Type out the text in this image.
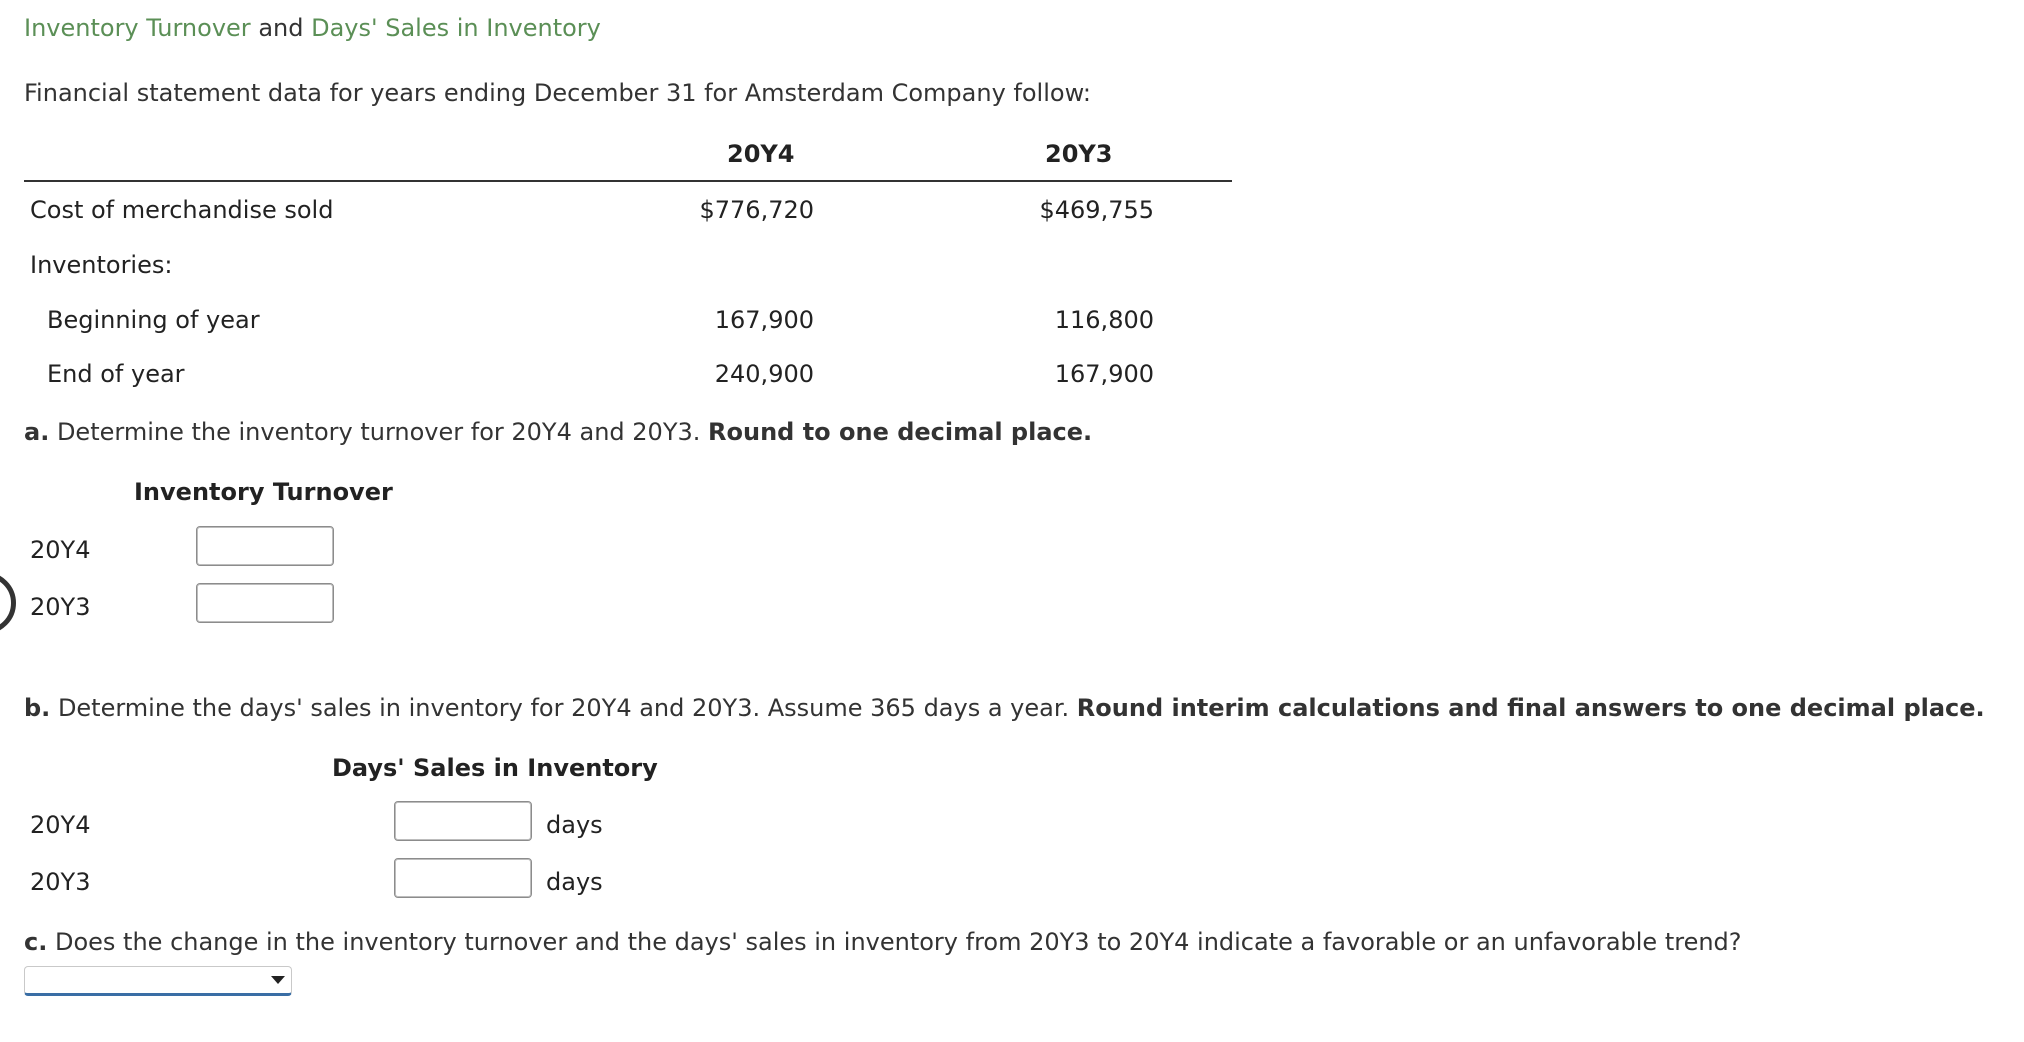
Inventory Turnover and Days' Sales in Inventory
Financial statement data for years ending December 31 for Amsterdam Company follow:
20Y4	20Y3
Cost of merchandise sold	$776,720	$469,755
Inventories:
Beginning of year	167,900	116,800
End of year	240,900	167,900
a. Determine the inventory turnover for 20Y4 and 20Y3. Round to one decimal place.
Inventory Turnover
20Y4
20Y3
b. Determine the days' sales in inventory for 20Y4 and 20Y3. Assume 365 days a year. Round interim calculations and final answers to one decimal place.
Days' Sales in Inventory
20Y4	days
20Y3	days
c. Does the change in the inventory turnover and the days' sales in inventory from 20Y3 to 20Y4 indicate a favorable or an unfavorable trend?
